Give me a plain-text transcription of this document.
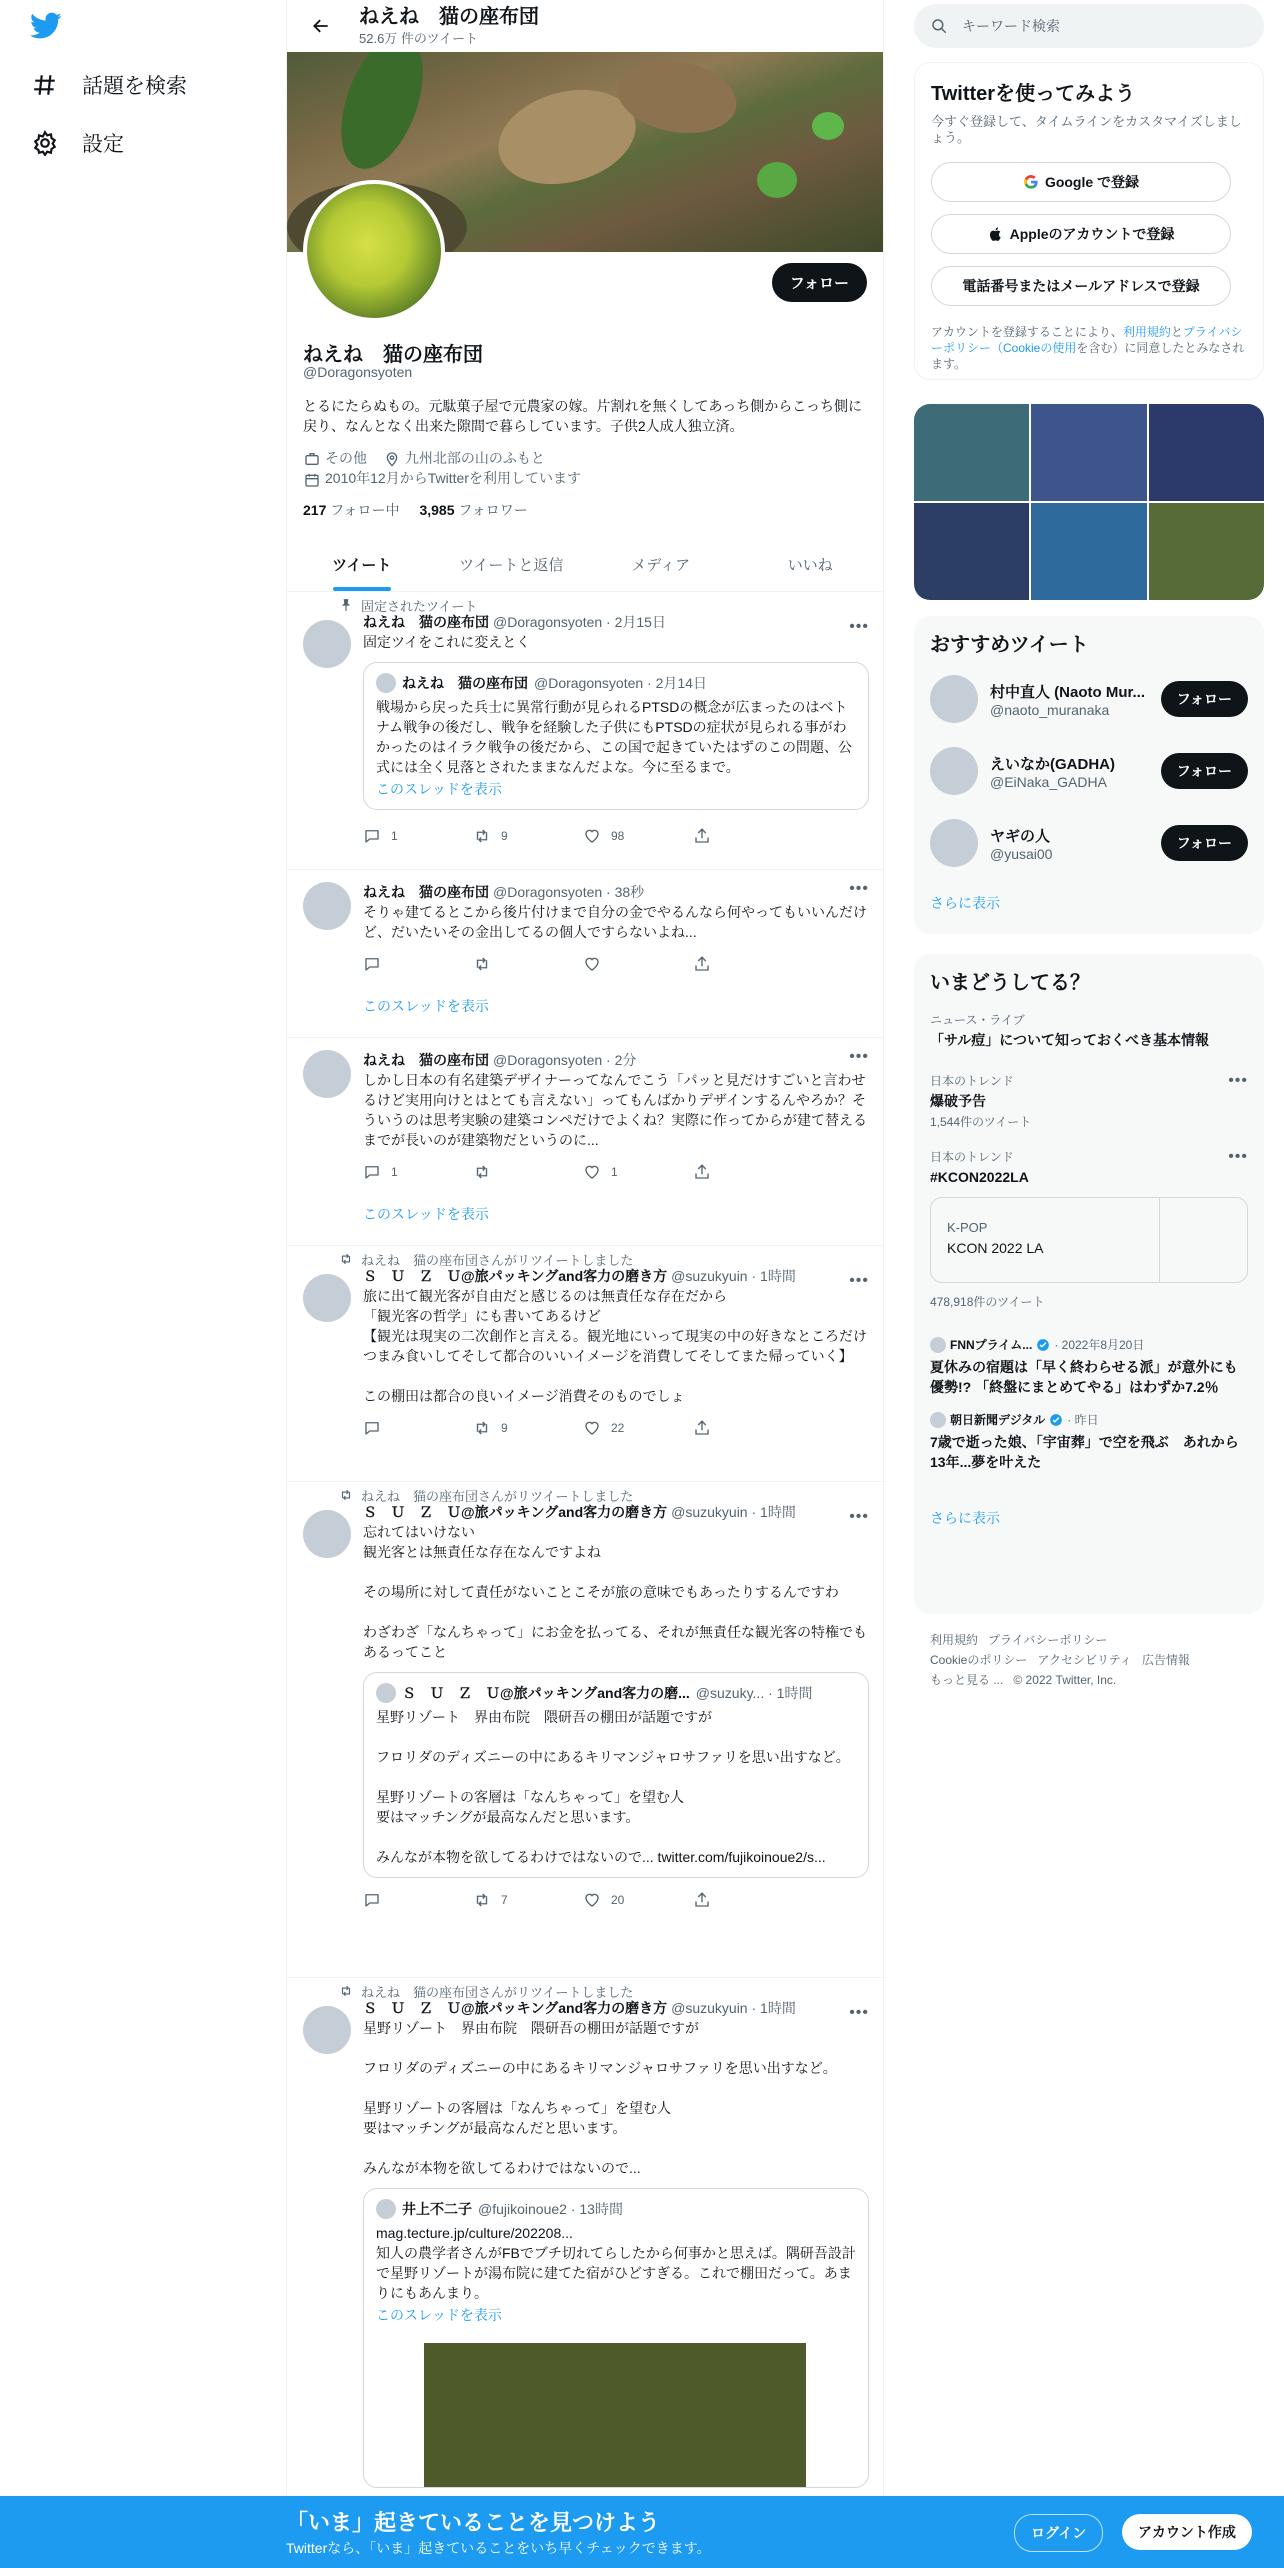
話題を検索
設定
ねえね　猫の座布団
52.6万 件のツイート
フォロー
ねえね　猫の座布団
@Doragonsyoten
とるにたらぬもの。元駄菓子屋で元農家の嫁。片割れを無くしてあっち側からこっち側に戻り、なんとなく出来た隙間で暮らしています。子供2人成人独立済。
その他	九州北部の山のふもと
2010年12月からTwitterを利用しています
217 フォロー中 3,985 フォロワー
ツイート	ツイートと返信	メディア	いいね
固定されたツイート
•••
ねえね　猫の座布団 @Doragonsyoten · 2月15日
固定ツイをこれに変えとく
ねえね　猫の座布団 @Doragonsyoten · 2月14日
戦場から戻った兵士に異常行動が見られるPTSDの概念が広まったのはベトナム戦争の後だし、戦争を経験した子供にもPTSDの症状が見られる事がわかったのはイラク戦争の後だから、この国で起きていたはずのこの問題、公式には全く見落とされたままなんだよな。今に至るまで。
このスレッドを表示
1	9	98
•••
ねえね　猫の座布団 @Doragonsyoten · 38秒
そりゃ建てるとこから後片付けまで自分の金でやるんなら何やってもいいんだけど、だいたいその金出してるの個人ですらないよね...
このスレッドを表示
•••
ねえね　猫の座布団 @Doragonsyoten · 2分
しかし日本の有名建築デザイナーってなんでこう「パッと見だけすごいと言わせるけど実用向けとはとても言えない」ってもんばかりデザインするんやろか？そういうのは思考実験の建築コンペだけでよくね？実際に作ってからが建て替えるまでが長いのが建築物だというのに...
1	1
このスレッドを表示
ねえね　猫の座布団さんがリツイートしました
•••
Ｓ　Ｕ　Ｚ　Ｕ@旅パッキングand客力の磨き方 @suzukyuin · 1時間
旅に出て観光客が自由だと感じるのは無責任な存在だから
「観光客の哲学」にも書いてあるけど
【観光は現実の二次創作と言える。観光地にいって現実の中の好きなところだけつまみ食いしてそして都合のいいイメージを消費してそしてまた帰っていく】

この棚田は都合の良いイメージ消費そのものでしょ
9	22
ねえね　猫の座布団さんがリツイートしました
•••
Ｓ　Ｕ　Ｚ　Ｕ@旅パッキングand客力の磨き方 @suzukyuin · 1時間
忘れてはいけない
観光客とは無責任な存在なんですよね

その場所に対して責任がないことこそが旅の意味でもあったりするんですわ

わざわざ「なんちゃって」にお金を払ってる、それが無責任な観光客の特権でもあるってこと
Ｓ　Ｕ　Ｚ　Ｕ@旅パッキングand客力の磨... @suzuky... · 1時間
星野リゾート　界由布院　隈研吾の棚田が話題ですが

フロリダのディズニーの中にあるキリマンジャロサファリを思い出すなど。

星野リゾートの客層は「なんちゃって」を望む人
要はマッチングが最高なんだと思います。

みんなが本物を欲してるわけではないので... twitter.com/fujikoinoue2/s...
7	20
ねえね　猫の座布団さんがリツイートしました
•••
Ｓ　Ｕ　Ｚ　Ｕ@旅パッキングand客力の磨き方 @suzukyuin · 1時間
星野リゾート　界由布院　隈研吾の棚田が話題ですが

フロリダのディズニーの中にあるキリマンジャロサファリを思い出すなど。

星野リゾートの客層は「なんちゃって」を望む人
要はマッチングが最高なんだと思います。

みんなが本物を欲してるわけではないので...
井上不二子 @fujikoinoue2 · 13時間
mag.tecture.jp/culture/202208...
知人の農学者さんがFBでブチ切れてらしたから何事かと思えば。隅研吾設計で星野リゾートが湯布院に建てた宿がひどすぎる。これで棚田だって。あまりにもあんまり。
このスレッドを表示
キーワード検索
Twitterを使ってみよう

今すぐ登録して、タイムラインをカスタマイズしましょう。

Google で登録
Appleのアカウントで登録
電話番号またはメールアドレスで登録
アカウントを登録することにより、利用規約とプライバシーポリシー（Cookieの使用を含む）に同意したとみなされます。
おすすめツイート
村中直人 (Naoto Mur...
@naoto_muranaka
フォロー
えいなか(GADHA)
@EiNaka_GADHA
フォロー
ヤギの人
@yusai00
フォロー
さらに表示
いまどうしてる？
ニュース・ライブ
「サル痘」について知っておくべき基本情報
日本のトレンド
爆破予告
1,544件のツイート
•••
日本のトレンド
#KCON2022LA
•••
K-POP
KCON 2022 LA
478,918件のツイート
FNNプライム... · 2022年8月20日
夏休みの宿題は「早く終わらせる派」が意外にも優勢!? 「終盤にまとめてやる」はわずか7.2％
朝日新聞デジタル · 昨日
7歳で逝った娘、「宇宙葬」で空を飛ぶ　あれから13年...夢を叶えた
さらに表示
利用規約 プライバシーポリシー
Cookieのポリシー アクセシビリティ 広告情報
もっと見る ... © 2022 Twitter, Inc.
「いま」起きていることを見つけよう
Twitterなら、「いま」起きていることをいち早くチェックできます。
ログイン	アカウント作成
